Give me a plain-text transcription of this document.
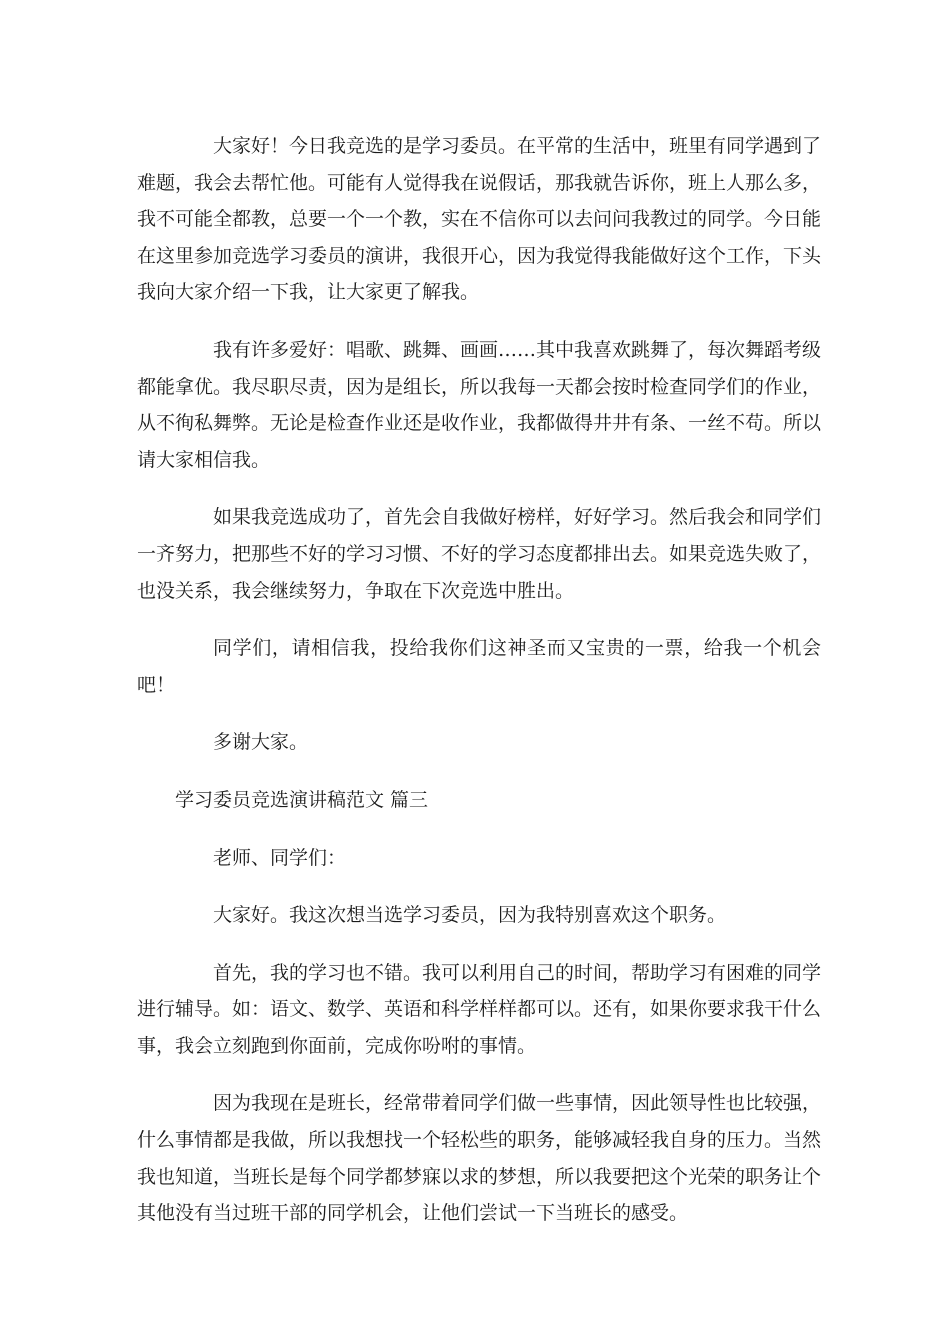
大家好！今日我竞选的是学习委员。在平常的生活中，班里有同学遇到了难题，我会去帮忙他。可能有人觉得我在说假话，那我就告诉你，班上人那么多，我不可能全都教，总要一个一个教，实在不信你可以去问问我教过的同学。今日能在这里参加竞选学习委员的演讲，我很开心，因为我觉得我能做好这个工作，下头我向大家介绍一下我，让大家更了解我。

我有许多爱好：唱歌、跳舞、画画……其中我喜欢跳舞了，每次舞蹈考级都能拿优。我尽职尽责，因为是组长，所以我每一天都会按时检查同学们的作业，从不徇私舞弊。无论是检查作业还是收作业，我都做得井井有条、一丝不苟。所以请大家相信我。

如果我竞选成功了，首先会自我做好榜样，好好学习。然后我会和同学们一齐努力，把那些不好的学习习惯、不好的学习态度都排出去。如果竞选失败了，也没关系，我会继续努力，争取在下次竞选中胜出。

同学们，请相信我，投给我你们这神圣而又宝贵的一票，给我一个机会吧！

多谢大家。

学习委员竞选演讲稿范文 篇三

老师、同学们：

大家好。我这次想当选学习委员，因为我特别喜欢这个职务。

首先，我的学习也不错。我可以利用自己的时间，帮助学习有困难的同学进行辅导。如：语文、数学、英语和科学样样都可以。还有，如果你要求我干什么事，我会立刻跑到你面前，完成你吩咐的事情。

因为我现在是班长，经常带着同学们做一些事情，因此领导性也比较强，什么事情都是我做，所以我想找一个轻松些的职务，能够减轻我自身的压力。当然我也知道，当班长是每个同学都梦寐以求的梦想，所以我要把这个光荣的职务让个其他没有当过班干部的同学机会，让他们尝试一下当班长的感受。
